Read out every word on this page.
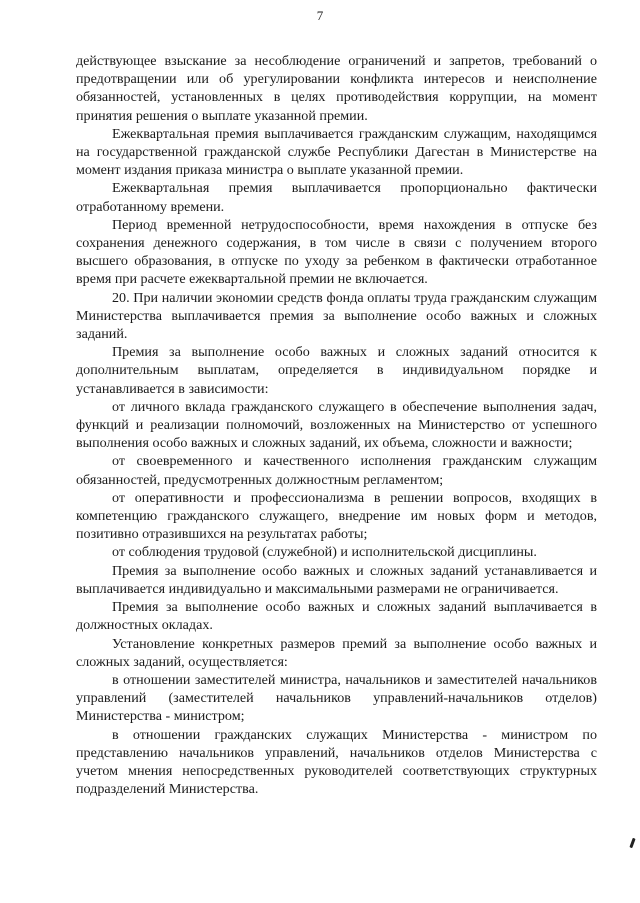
7

действующее взыскание за несоблюдение ограничений и запретов, требований о предотвращении или об урегулировании конфликта интересов и неисполнение обязанностей, установленных в целях противодействия коррупции, на момент принятия решения о выплате указанной премии.

Ежеквартальная премия выплачивается гражданским служащим, находящимся на государственной гражданской службе Республики Дагестан в Министерстве на момент издания приказа министра о выплате указанной премии.

Ежеквартальная премия выплачивается пропорционально фактически отработанному времени.

Период временной нетрудоспособности, время нахождения в отпуске без сохранения денежного содержания, в том числе в связи с получением второго высшего образования, в отпуске по уходу за ребенком в фактически отработанное время при расчете ежеквартальной премии не включается.

20. При наличии экономии средств фонда оплаты труда гражданским служащим Министерства выплачивается премия за выполнение особо важных и сложных заданий.

Премия за выполнение особо важных и сложных заданий относится к дополнительным выплатам, определяется в индивидуальном порядке и устанавливается в зависимости:

от личного вклада гражданского служащего в обеспечение выполнения задач, функций и реализации полномочий, возложенных на Министерство от успешного выполнения особо важных и сложных заданий, их объема, сложности и важности;

от своевременного и качественного исполнения гражданским служащим обязанностей, предусмотренных должностным регламентом;

от оперативности и профессионализма в решении вопросов, входящих в компетенцию гражданского служащего, внедрение им новых форм и методов, позитивно отразившихся на результатах работы;

от соблюдения трудовой (служебной) и исполнительской дисциплины.

Премия за выполнение особо важных и сложных заданий устанавливается и выплачивается индивидуально и максимальными размерами не ограничивается.

Премия за выполнение особо важных и сложных заданий выплачивается в должностных окладах.

Установление конкретных размеров премий за выполнение особо важных и сложных заданий, осуществляется:

в отношении заместителей министра, начальников и заместителей начальников управлений (заместителей начальников управлений-начальников отделов) Министерства - министром;

в отношении гражданских служащих Министерства - министром по представлению начальников управлений, начальников отделов Министерства с учетом мнения непосредственных руководителей соответствующих структурных подразделений Министерства.
